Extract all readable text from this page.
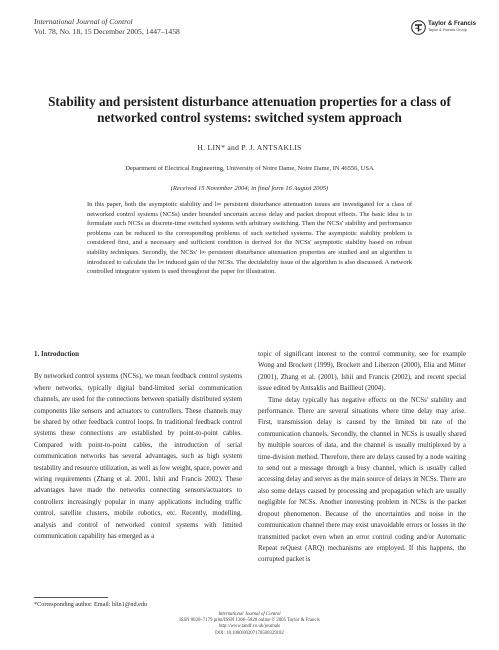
International Journal of Control
Vol. 78, No. 18, 15 December 2005, 1447–1458
Taylor & Francis
Taylor & Francis Group
Stability and persistent disturbance attenuation properties for a class of networked control systems: switched system approach
H. LIN* and P. J. ANTSAKLIS
Department of Electrical Engineering, University of Notre Dame, Notre Dame, IN 46556, USA
(Received 15 November 2004; in final form 16 August 2005)
In this paper, both the asymptotic stability and l∞ persistent disturbance attenuation issues are investigated for a class of networked control systems (NCSs) under bounded uncertain access delay and packet dropout effects. The basic idea is to formulate such NCSs as discrete-time switched systems with arbitrary switching. Then the NCSs' stability and performance problems can be reduced to the corresponding problems of such switched systems. The asymptotic stability problem is considered first, and a necessary and sufficient condition is derived for the NCSs' asymptotic stability based on robust stability techniques. Secondly, the NCSs' l∞ persistent disturbance attenuation properties are studied and an algorithm is introduced to calculate the l∞ induced gain of the NCSs. The decidability issue of the algorithm is also discussed. A network controlled integrator system is used throughout the paper for illustration.
1. Introduction

By networked control systems (NCSs), we mean feedback control systems where networks, typically digital band-limited serial communication channels, are used for the connections between spatially distributed system components like sensors and actuators to controllers. These channels may be shared by other feedback control loops. In traditional feedback control systems these connections are established by point-to-point cables. Compared with point-to-point cables, the introduction of serial communication networks has several advantages, such as high system testability and resource utilization, as well as low weight, space, power and wiring requirements (Zhang et al. 2001, Ishii and Francis 2002). These advantages have made the networks connecting sensors/actuators to controllers increasingly popular in many applications including traffic control, satellite clusters, mobile robotics, etc. Recently, modelling, analysis and control of networked control systems with limited communication capability has emerged as a

topic of significant interest to the control community, see for example Wong and Brockett (1999), Brockett and Liberzon (2000), Elia and Mitter (2001), Zhang et al. (2001), Ishii and Francis (2002), and recent special issue edited by Antsaklis and Baillieul (2004).

Time delay typically has negative effects on the NCSs' stability and performance. There are several situations where time delay may arise. First, transmission delay is caused by the limited bit rate of the communication channels. Secondly, the channel in NCSs is usually shared by multiple sources of data, and the channel is usually multiplexed by a time-division method. Therefore, there are delays caused by a node waiting to send out a message through a busy channel, which is usually called accessing delay and serves as the main source of delays in NCSs. There are also some delays caused by processing and propagation which are usually negligible for NCSs. Another interesting problem in NCSs is the packet dropout phenomenon. Because of the uncertainties and noise in the communication channel there may exist unavoidable errors or losses in the transmitted packet even when an error control coding and/or Automatic Repeat reQuest (ARQ) mechanisms are employed. If this happens, the corrupted packet is

*Corresponding author. Email: hlin1@nd.edu
International Journal of Control
ISSN 0020–7179 print/ISSN 1366–5820 online © 2005 Taylor & Francis
http://www.tandf.co.uk/journals
DOI: 10.1080/00207170500329182
